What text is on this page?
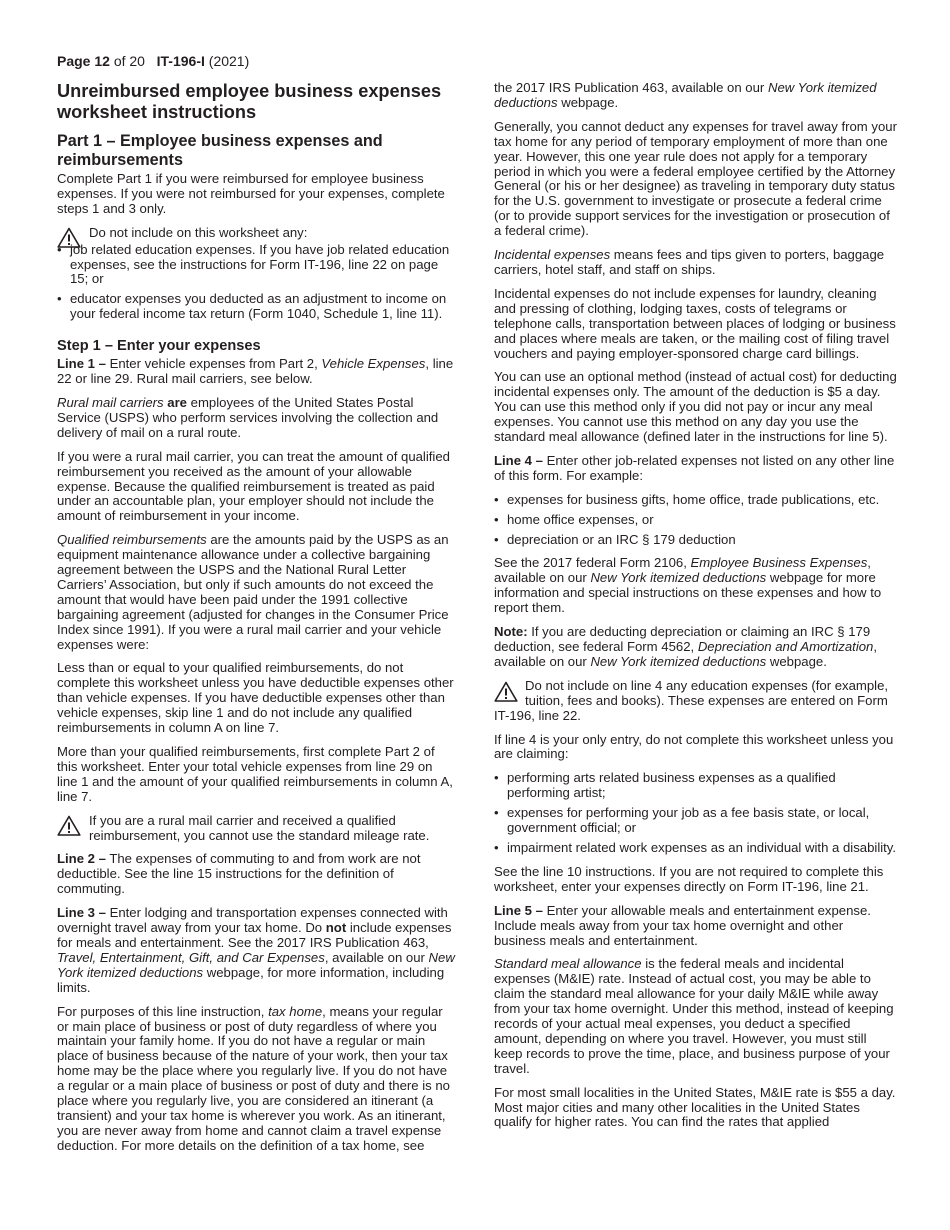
Page 12 of 20 IT-196-I (2021)
Unreimbursed employee business expenses worksheet instructions
Part 1 – Employee business expenses and reimbursements

Complete Part 1 if you were reimbursed for employee business expenses. If you were not reimbursed for your expenses, complete steps 1 and 3 only.

Do not include on this worksheet any:
• job related education expenses. If you have job related education expenses, see the instructions for Form IT-196, line 22 on page 15; or
• educator expenses you deducted as an adjustment to income on your federal income tax return (Form 1040, Schedule 1, line 11).
Step 1 – Enter your expenses

Line 1 – Enter vehicle expenses from Part 2, Vehicle Expenses, line 22 or line 29. Rural mail carriers, see below.

Rural mail carriers are employees of the United States Postal Service (USPS) who perform services involving the collection and delivery of mail on a rural route.

If you were a rural mail carrier, you can treat the amount of qualified reimbursement you received as the amount of your allowable expense. Because the qualified reimbursement is treated as paid under an accountable plan, your employer should not include the amount of reimbursement in your income.

Qualified reimbursements are the amounts paid by the USPS as an equipment maintenance allowance under a collective bargaining agreement between the USPS and the National Rural Letter Carriers’ Association, but only if such amounts do not exceed the amount that would have been paid under the 1991 collective bargaining agreement (adjusted for changes in the Consumer Price Index since 1991). If you were a rural mail carrier and your vehicle expenses were:

Less than or equal to your qualified reimbursements, do not complete this worksheet unless you have deductible expenses other than vehicle expenses. If you have deductible expenses other than vehicle expenses, skip line 1 and do not include any qualified reimbursements in column A on line 7.

More than your qualified reimbursements, first complete Part 2 of this worksheet. Enter your total vehicle expenses from line 29 on line 1 and the amount of your qualified reimbursements in column A, line 7.

If you are a rural mail carrier and received a qualified reimbursement, you cannot use the standard mileage rate.

Line 2 – The expenses of commuting to and from work are not deductible. See the line 15 instructions for the definition of commuting.

Line 3 – Enter lodging and transportation expenses connected with overnight travel away from your tax home. Do not include expenses for meals and entertainment. See the 2017 IRS Publication 463, Travel, Entertainment, Gift, and Car Expenses, available on our New York itemized deductions webpage, for more information, including limits.

For purposes of this line instruction, tax home, means your regular or main place of business or post of duty regardless of where you maintain your family home. If you do not have a regular or main place of business because of the nature of your work, then your tax home may be the place where you regularly live. If you do not have a regular or a main place of business or post of duty and there is no place where you regularly live, you are considered an itinerant (a transient) and your tax home is wherever you work. As an itinerant, you are never away from home and cannot claim a travel expense deduction. For more details on the definition of a tax home, see

the 2017 IRS Publication 463, available on our New York itemized deductions webpage.

Generally, you cannot deduct any expenses for travel away from your tax home for any period of temporary employment of more than one year. However, this one year rule does not apply for a temporary period in which you were a federal employee certified by the Attorney General (or his or her designee) as traveling in temporary duty status for the U.S. government to investigate or prosecute a federal crime (or to provide support services for the investigation or prosecution of a federal crime).

Incidental expenses means fees and tips given to porters, baggage carriers, hotel staff, and staff on ships.

Incidental expenses do not include expenses for laundry, cleaning and pressing of clothing, lodging taxes, costs of telegrams or telephone calls, transportation between places of lodging or business and places where meals are taken, or the mailing cost of filing travel vouchers and paying employer-sponsored charge card billings.

You can use an optional method (instead of actual cost) for deducting incidental expenses only. The amount of the deduction is $5 a day. You can use this method only if you did not pay or incur any meal expenses. You cannot use this method on any day you use the standard meal allowance (defined later in the instructions for line 5).

Line 4 – Enter other job-related expenses not listed on any other line of this form. For example:

• expenses for business gifts, home office, trade publications, etc.
• home office expenses, or
• depreciation or an IRC § 179 deduction

See the 2017 federal Form 2106, Employee Business Expenses, available on our New York itemized deductions webpage for more information and special instructions on these expenses and how to report them.

Note: If you are deducting depreciation or claiming an IRC § 179 deduction, see federal Form 4562, Depreciation and Amortization, available on our New York itemized deductions webpage.

Do not include on line 4 any education expenses (for example, tuition, fees and books). These expenses are entered on Form IT-196, line 22.

If line 4 is your only entry, do not complete this worksheet unless you are claiming:

• performing arts related business expenses as a qualified performing artist;
• expenses for performing your job as a fee basis state, or local, government official; or
• impairment related work expenses as an individual with a disability.

See the line 10 instructions. If you are not required to complete this worksheet, enter your expenses directly on Form IT-196, line 21.

Line 5 – Enter your allowable meals and entertainment expense. Include meals away from your tax home overnight and other business meals and entertainment.

Standard meal allowance is the federal meals and incidental expenses (M&IE) rate. Instead of actual cost, you may be able to claim the standard meal allowance for your daily M&IE while away from your tax home overnight. Under this method, instead of keeping records of your actual meal expenses, you deduct a specified amount, depending on where you travel. However, you must still keep records to prove the time, place, and business purpose of your travel.

For most small localities in the United States, M&IE rate is $55 a day. Most major cities and many other localities in the United States qualify for higher rates. You can find the rates that applied
